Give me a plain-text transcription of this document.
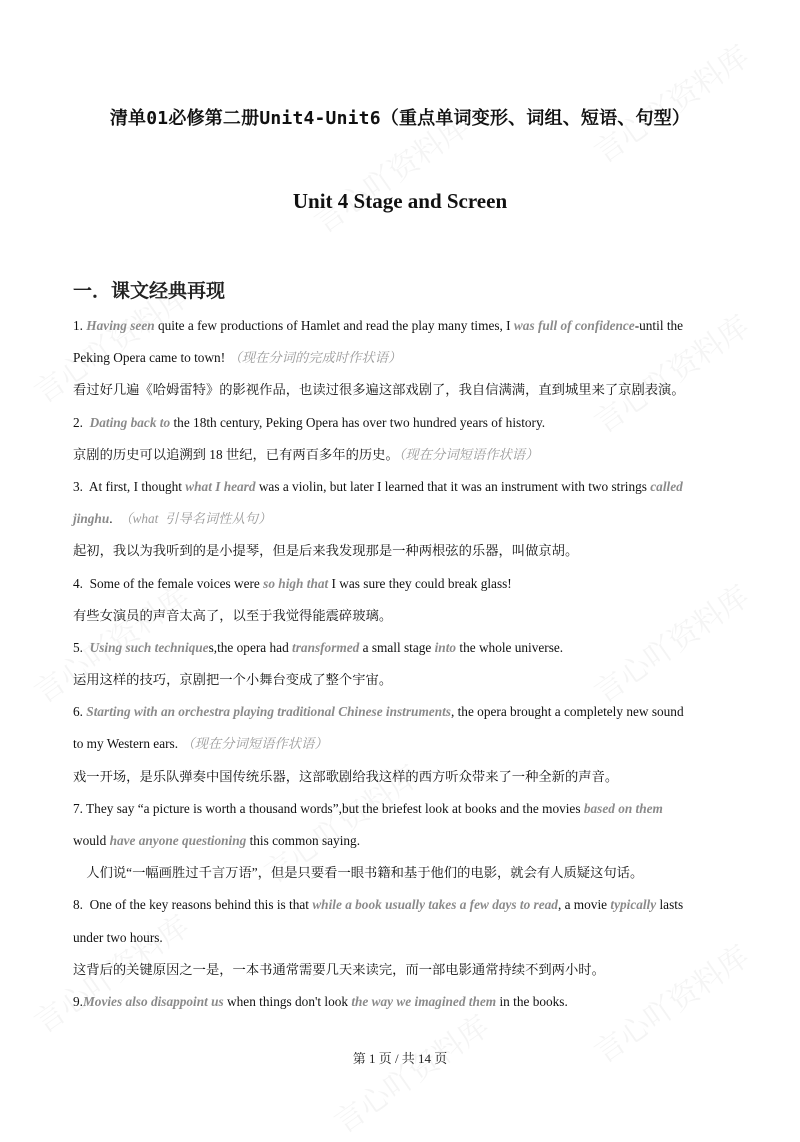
清单01必修第二册Unit4-Unit6（重点单词变形、词组、短语、句型）
Unit 4 Stage and Screen
一．课文经典再现
1. Having seen quite a few productions of Hamlet and read the play many times, I was full of confidence-until the
Peking Opera came to town! （现在分词的完成时作状语）
看过好几遍《哈姆雷特》的影视作品，也读过很多遍这部戏剧了，我自信满满，直到城里来了京剧表演。
2.  Dating back to the 18th century, Peking Opera has over two hundred years of history.
京剧的历史可以追溯到 18 世纪，已有两百多年的历史。（现在分词短语作状语）
3.  At first, I thought what I heard was a violin, but later I learned that it was an instrument with two strings called
jinghu.  （what  引导名词性从句）
起初，我以为我听到的是小提琴，但是后来我发现那是一种两根弦的乐器，叫做京胡。
4.  Some of the female voices were so high that I was sure they could break glass!
有些女演员的声音太高了，以至于我觉得能震碎玻璃。
5.  Using such techniques,the opera had transformed a small stage into the whole universe.
运用这样的技巧，京剧把一个小舞台变成了整个宇宙。
6. Starting with an orchestra playing traditional Chinese instruments, the opera brought a completely new sound
to my Western ears. （现在分词短语作状语）
戏一开场，是乐队弹奏中国传统乐器，这部歌剧给我这样的西方听众带来了一种全新的声音。
7. They say “a picture is worth a thousand words”,but the briefest look at books and the movies based on them
would have anyone questioning this common saying.
人们说“一幅画胜过千言万语”，但是只要看一眼书籍和基于他们的电影，就会有人质疑这句话。
8.  One of the key reasons behind this is that while a book usually takes a few days to read, a movie typically lasts
under two hours.
这背后的关键原因之一是，一本书通常需要几天来读完，而一部电影通常持续不到两小时。
9.Movies also disappoint us when things don't look the way we imagined them in the books.
第 1 页 / 共 14 页
